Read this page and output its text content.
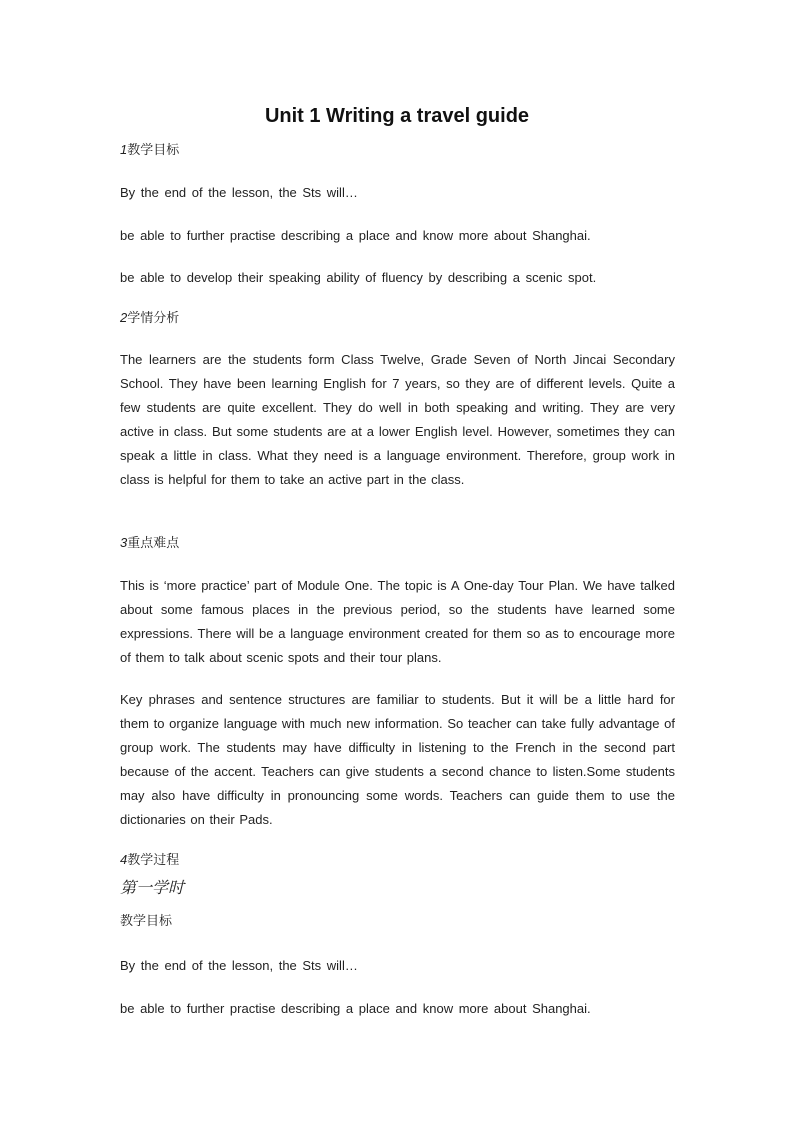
Unit 1 Writing a travel guide
1教学目标

By the end of the lesson, the Sts will…

be able to further practise describing a place and know more about Shanghai.

be able to develop their speaking ability of fluency by describing a scenic spot.

2学情分析

The learners are the students form Class Twelve, Grade Seven of North Jincai Secondary School. They have been learning English for 7 years, so they are of different levels. Quite a few students are quite excellent. They do well in both speaking and writing. They are very active in class. But some students are at a lower English level. However, sometimes they can speak a little in class. What they need is a language environment. Therefore, group work in class is helpful for them to take an active part in the class.

3重点难点

This is ‘more practice’ part of Module One. The topic is A One-day Tour Plan. We have talked about some famous places in the previous period, so the students have learned some expressions. There will be a language environment created for them so as to encourage more of them to talk about scenic spots and their tour plans.

Key phrases and sentence structures are familiar to students. But it will be a little hard for them to organize language with much new information. So teacher can take fully advantage of group work. The students may have difficulty in listening to the French in the second part because of the accent. Teachers can give students a second chance to listen.Some students may also have difficulty in pronouncing some words. Teachers can guide them to use the dictionaries on their Pads.

4教学过程
第一学时
教学目标

By the end of the lesson, the Sts will…

be able to further practise describing a place and know more about Shanghai.
